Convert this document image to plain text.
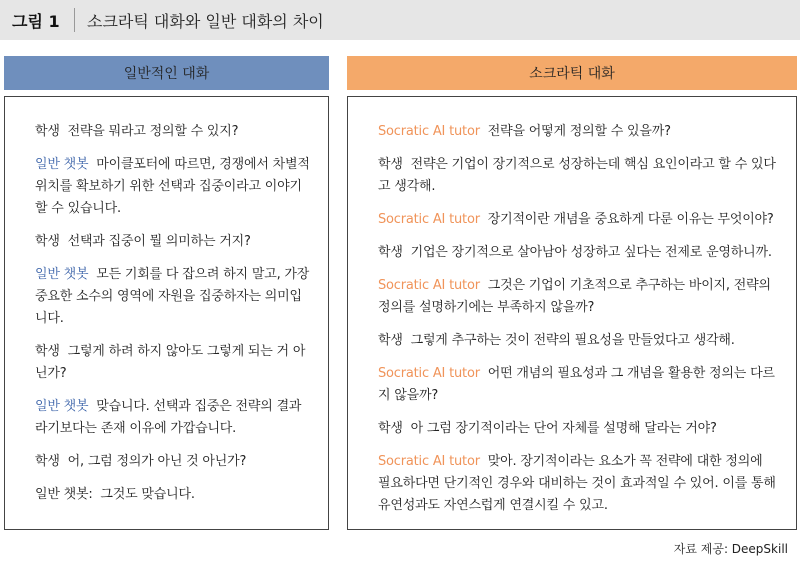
그림 1	소크라틱 대화와 일반 대화의 차이
일반적인 대화	소크라틱 대화

학생 전략을 뭐라고 정의할 수 있지?

일반 챗봇 마이클포터에 따르면, 경쟁에서 차별적 위치를 확보하기 위한 선택과 집중이라고 이야기 할 수 있습니다.

학생 선택과 집중이 뭘 의미하는 거지?

일반 챗봇 모든 기회를 다 잡으려 하지 말고, 가장 중요한 소수의 영역에 자원을 집중하자는 의미입니다.

학생 그렇게 하려 하지 않아도 그렇게 되는 거 아닌가?

일반 챗봇 맞습니다. 선택과 집중은 전략의 결과 라기보다는 존재 이유에 가깝습니다.

학생 어, 그럼 정의가 아닌 것 아닌가?

일반 챗봇: 그것도 맞습니다.

Socratic AI tutor 전략을 어떻게 정의할 수 있을까?

학생 전략은 기업이 장기적으로 성장하는데 핵심 요인이라고 할 수 있다고 생각해.

Socratic AI tutor 장기적이란 개념을 중요하게 다룬 이유는 무엇이야?

학생 기업은 장기적으로 살아남아 성장하고 싶다는 전제로 운영하니까.

Socratic AI tutor 그것은 기업이 기초적으로 추구하는 바이지, 전략의 정의를 설명하기에는 부족하지 않을까?

학생 그렇게 추구하는 것이 전략의 필요성을 만들었다고 생각해.

Socratic AI tutor 어떤 개념의 필요성과 그 개념을 활용한 정의는 다르지 않을까?

학생 아 그럼 장기적이라는 단어 자체를 설명해 달라는 거야?

Socratic AI tutor 맞아. 장기적이라는 요소가 꼭 전략에 대한 정의에 필요하다면 단기적인 경우와 대비하는 것이 효과적일 수 있어. 이를 통해 유연성과도 자연스럽게 연결시킬 수 있고.

자료 제공: DeepSkill
